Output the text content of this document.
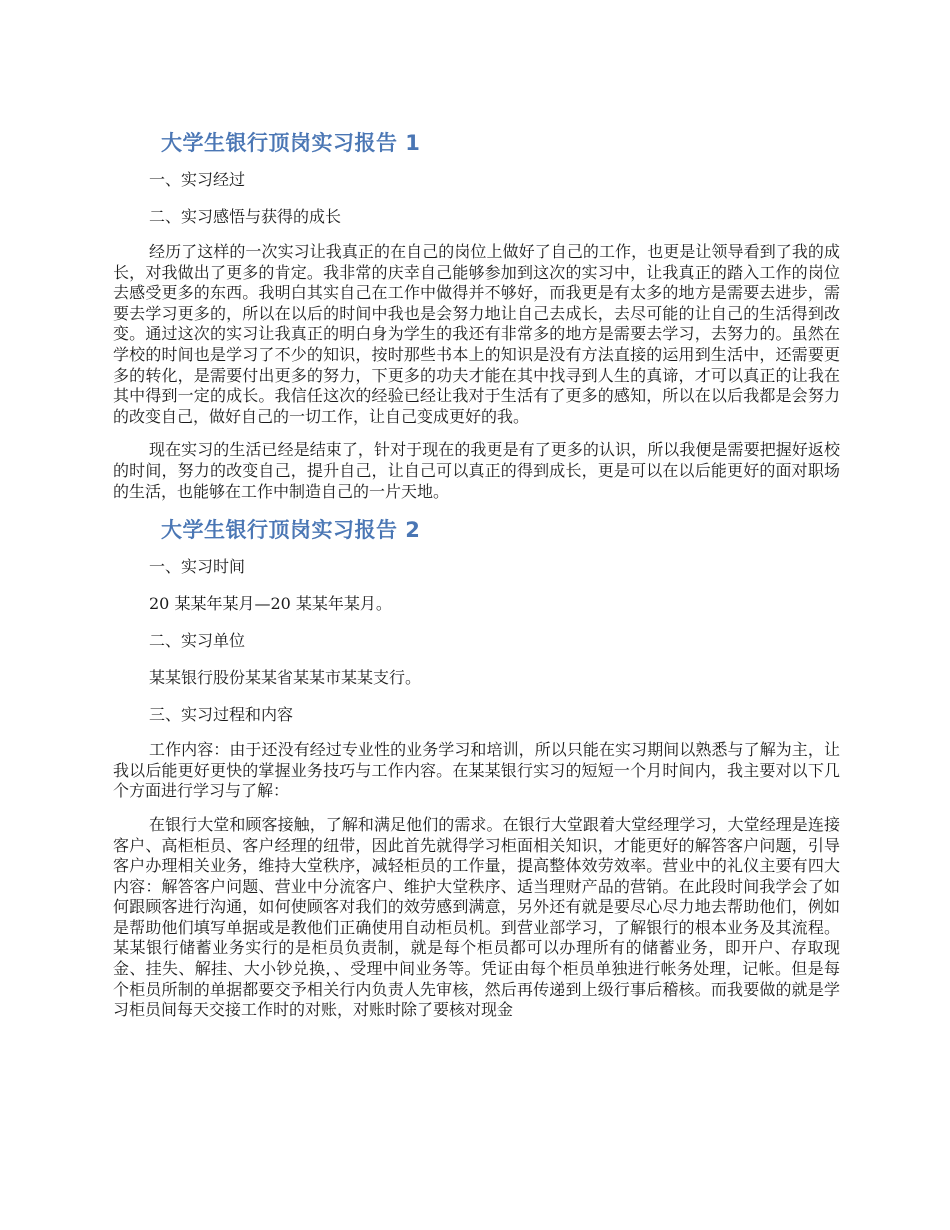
大学生银行顶岗实习报告 1

一、实习经过

二、实习感悟与获得的成长

经历了这样的一次实习让我真正的在自己的岗位上做好了自己的工作，也更是让领导看到了我的成长，对我做出了更多的肯定。我非常的庆幸自己能够参加到这次的实习中，让我真正的踏入工作的岗位去感受更多的东西。我明白其实自己在工作中做得并不够好，而我更是有太多的地方是需要去进步，需要去学习更多的，所以在以后的时间中我也是会努力地让自己去成长，去尽可能的让自己的生活得到改变。通过这次的实习让我真正的明白身为学生的我还有非常多的地方是需要去学习，去努力的。虽然在学校的时间也是学习了不少的知识，按时那些书本上的知识是没有方法直接的运用到生活中，还需要更多的转化，是需要付出更多的努力，下更多的功夫才能在其中找寻到人生的真谛，才可以真正的让我在其中得到一定的成长。我信任这次的经验已经让我对于生活有了更多的感知，所以在以后我都是会努力的改变自己，做好自己的一切工作，让自己变成更好的我。

现在实习的生活已经是结束了，针对于现在的我更是有了更多的认识，所以我便是需要把握好返校的时间，努力的改变自己，提升自己，让自己可以真正的得到成长，更是可以在以后能更好的面对职场的生活，也能够在工作中制造自己的一片天地。

大学生银行顶岗实习报告 2

一、实习时间

20 某某年某月—20 某某年某月。

二、实习单位

某某银行股份某某省某某市某某支行。

三、实习过程和内容

工作内容：由于还没有经过专业性的业务学习和培训，所以只能在实习期间以熟悉与了解为主，让我以后能更好更快的掌握业务技巧与工作内容。在某某银行实习的短短一个月时间内，我主要对以下几个方面进行学习与了解：

在银行大堂和顾客接触，了解和满足他们的需求。在银行大堂跟着大堂经理学习，大堂经理是连接客户、高柜柜员、客户经理的纽带，因此首先就得学习柜面相关知识，才能更好的解答客户问题，引导客户办理相关业务，维持大堂秩序，减轻柜员的工作量，提高整体效劳效率。营业中的礼仪主要有四大内容：解答客户问题、营业中分流客户、维护大堂秩序、适当理财产品的营销。在此段时间我学会了如何跟顾客进行沟通，如何使顾客对我们的效劳感到满意，另外还有就是要尽心尽力地去帮助他们，例如是帮助他们填写单据或是教他们正确使用自动柜员机。到营业部学习，了解银行的根本业务及其流程。某某银行储蓄业务实行的是柜员负责制，就是每个柜员都可以办理所有的储蓄业务，即开户、存取现金、挂失、解挂、大小钞兑换，、受理中间业务等。凭证由每个柜员单独进行帐务处理，记帐。但是每个柜员所制的单据都要交予相关行内负责人先审核，然后再传递到上级行事后稽核。而我要做的就是学习柜员间每天交接工作时的对账，对账时除了要核对现金
